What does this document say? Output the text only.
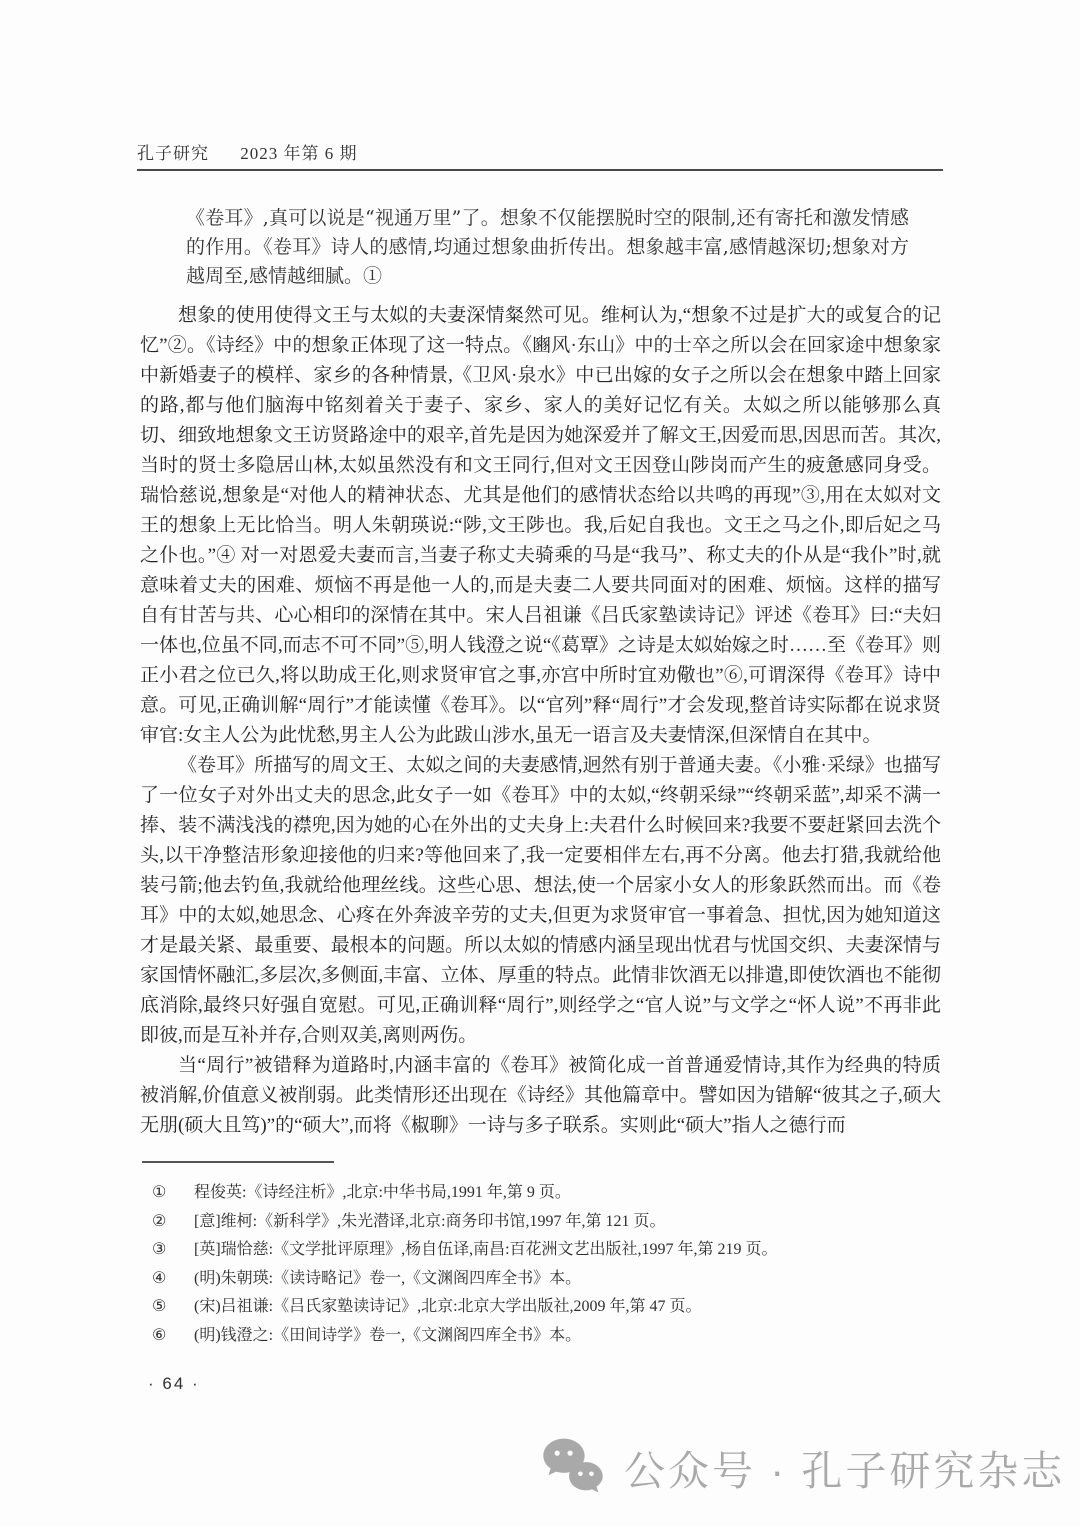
孔子研究 2023 年第 6 期

《卷耳》,真可以说是“视通万里”了。想象不仅能摆脱时空的限制,还有寄托和激发情感的作用。《卷耳》诗人的感情,均通过想象曲折传出。想象越丰富,感情越深切;想象对方越周至,感情越细腻。①

想象的使用使得文王与太姒的夫妻深情粲然可见。维柯认为,“想象不过是扩大的或复合的记忆”②。《诗经》中的想象正体现了这一特点。《豳风·东山》中的士卒之所以会在回家途中想象家中新婚妻子的模样、家乡的各种情景,《卫风·泉水》中已出嫁的女子之所以会在想象中踏上回家的路,都与他们脑海中铭刻着关于妻子、家乡、家人的美好记忆有关。太姒之所以能够那么真切、细致地想象文王访贤路途中的艰辛,首先是因为她深爱并了解文王,因爱而思,因思而苦。其次,当时的贤士多隐居山林,太姒虽然没有和文王同行,但对文王因登山陟岗而产生的疲惫感同身受。瑞恰慈说,想象是“对他人的精神状态、尤其是他们的感情状态给以共鸣的再现”③,用在太姒对文王的想象上无比恰当。明人朱朝瑛说:“陟,文王陟也。我,后妃自我也。文王之马之仆,即后妃之马之仆也。”④ 对一对恩爱夫妻而言,当妻子称丈夫骑乘的马是“我马”、称丈夫的仆从是“我仆”时,就意味着丈夫的困难、烦恼不再是他一人的,而是夫妻二人要共同面对的困难、烦恼。这样的描写自有甘苦与共、心心相印的深情在其中。宋人吕祖谦《吕氏家塾读诗记》评述《卷耳》曰:“夫妇一体也,位虽不同,而志不可不同”⑤,明人钱澄之说“《葛覃》之诗是太姒始嫁之时……至《卷耳》则正小君之位已久,将以助成王化,则求贤审官之事,亦宫中所时宜劝儆也”⑥,可谓深得《卷耳》诗中意。可见,正确训解“周行”才能读懂《卷耳》。以“官列”释“周行”才会发现,整首诗实际都在说求贤审官:女主人公为此忧愁,男主人公为此跋山涉水,虽无一语言及夫妻情深,但深情自在其中。

《卷耳》所描写的周文王、太姒之间的夫妻感情,迥然有别于普通夫妻。《小雅·采绿》也描写了一位女子对外出丈夫的思念,此女子一如《卷耳》中的太姒,“终朝采绿”“终朝采蓝”,却采不满一捧、装不满浅浅的襟兜,因为她的心在外出的丈夫身上:夫君什么时候回来?我要不要赶紧回去洗个头,以干净整洁形象迎接他的归来?等他回来了,我一定要相伴左右,再不分离。他去打猎,我就给他装弓箭;他去钓鱼,我就给他理丝线。这些心思、想法,使一个居家小女人的形象跃然而出。而《卷耳》中的太姒,她思念、心疼在外奔波辛劳的丈夫,但更为求贤审官一事着急、担忧,因为她知道这才是最关紧、最重要、最根本的问题。所以太姒的情感内涵呈现出忧君与忧国交织、夫妻深情与家国情怀融汇,多层次,多侧面,丰富、立体、厚重的特点。此情非饮酒无以排遣,即使饮酒也不能彻底消除,最终只好强自宽慰。可见,正确训释“周行”,则经学之“官人说”与文学之“怀人说”不再非此即彼,而是互补并存,合则双美,离则两伤。

当“周行”被错释为道路时,内涵丰富的《卷耳》被简化成一首普通爱情诗,其作为经典的特质被消解,价值意义被削弱。此类情形还出现在《诗经》其他篇章中。譬如因为错解“彼其之子,硕大无朋(硕大且笃)”的“硕大”,而将《椒聊》一诗与多子联系。实则此“硕大”指人之德行而

①	程俊英:《诗经注析》,北京:中华书局,1991 年,第 9 页。
②	[意]维柯:《新科学》,朱光潜译,北京:商务印书馆,1997 年,第 121 页。
③	[英]瑞恰慈:《文学批评原理》,杨自伍译,南昌:百花洲文艺出版社,1997 年,第 219 页。
④	(明)朱朝瑛:《读诗略记》卷一,《文渊阁四库全书》本。
⑤	(宋)吕祖谦:《吕氏家塾读诗记》,北京:北京大学出版社,2009 年,第 47 页。
⑥	(明)钱澄之:《田间诗学》卷一,《文渊阁四库全书》本。
· 64 ·
公众号 · 孔子研究杂志
